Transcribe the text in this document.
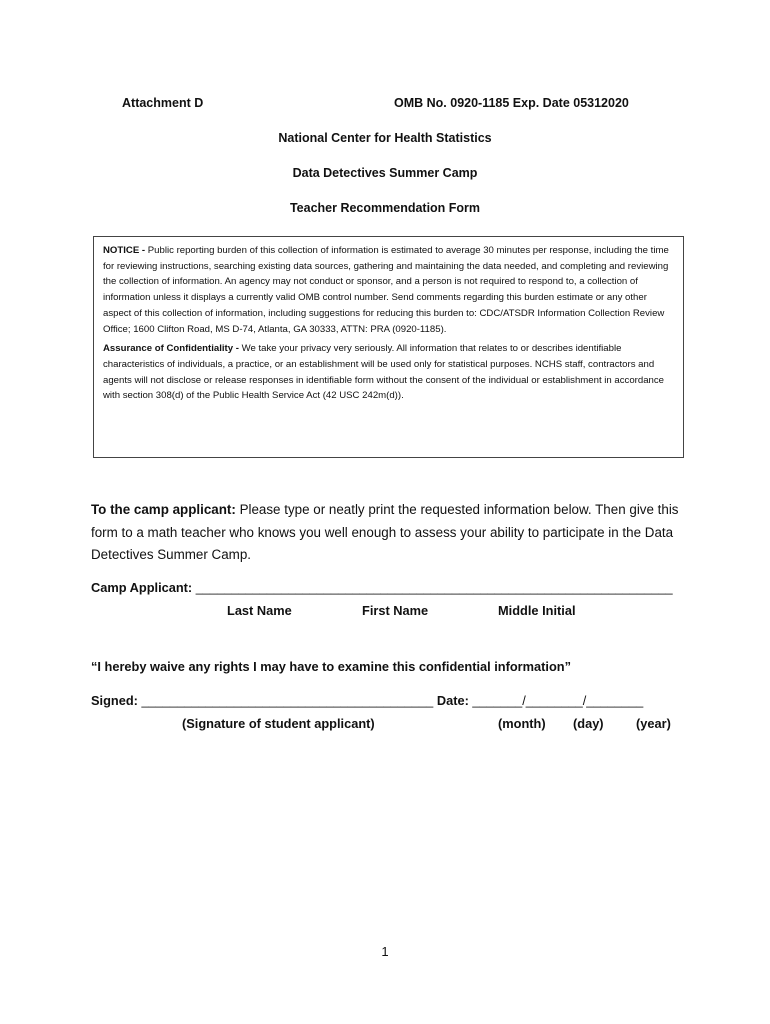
Attachment D	OMB No. 0920-1185 Exp. Date 05312020
National Center for Health Statistics
Data Detectives Summer Camp
Teacher Recommendation Form

NOTICE - Public reporting burden of this collection of information is estimated to average 30 minutes per response, including the time for reviewing instructions, searching existing data sources, gathering and maintaining the data needed, and completing and reviewing the collection of information. An agency may not conduct or sponsor, and a person is not required to respond to, a collection of information unless it displays a currently valid OMB control number. Send comments regarding this burden estimate or any other aspect of this collection of information, including suggestions for reducing this burden to: CDC/ATSDR Information Collection Review Office; 1600 Clifton Road, MS D-74, Atlanta, GA 30333, ATTN: PRA (0920-1185).

Assurance of Confidentiality - We take your privacy very seriously. All information that relates to or describes identifiable characteristics of individuals, a practice, or an establishment will be used only for statistical purposes. NCHS staff, contractors and agents will not disclose or release responses in identifiable form without the consent of the individual or establishment in accordance with section 308(d) of the Public Health Service Act (42 USC 242m(d)).

To the camp applicant: Please type or neatly print the requested information below. Then give this form to a math teacher who knows you well enough to assess your ability to participate in the Data Detectives Summer Camp.
Camp Applicant: ___________________________________________________________________
Last Name	First Name	Middle Initial
“I hereby waive any rights I may have to examine this confidential information”
Signed: _________________________________________ Date: _______/________/________
(Signature of student applicant)	(month) (day)	(year)
1
